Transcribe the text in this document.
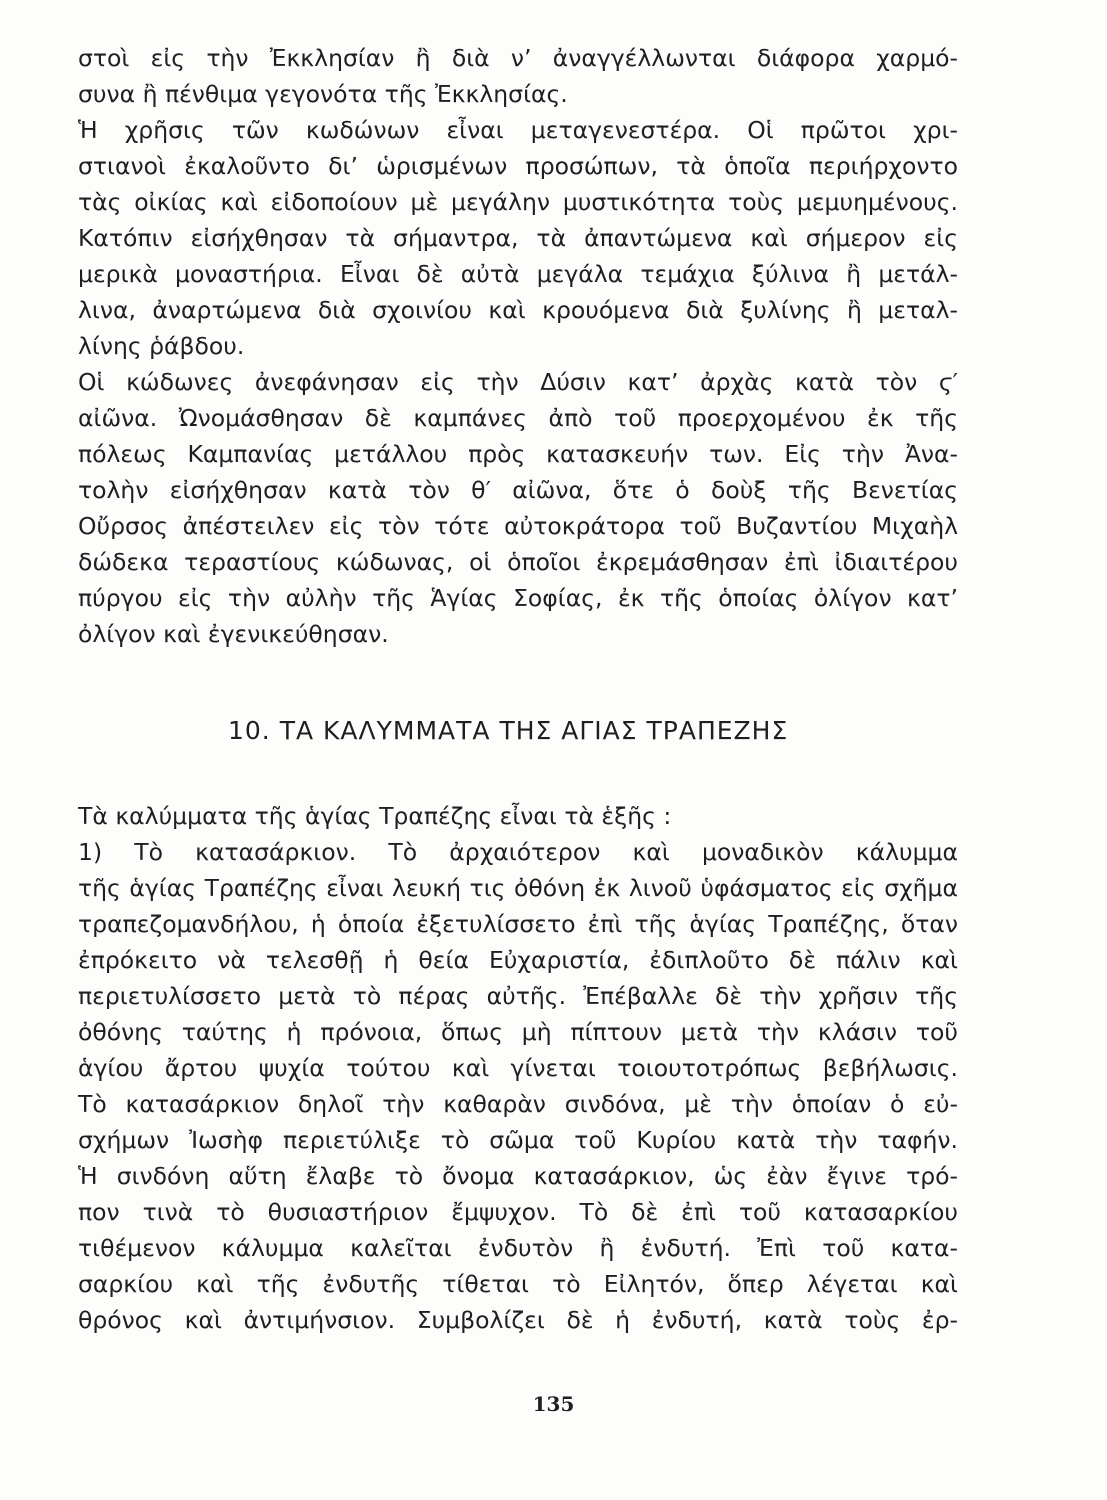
στοὶ εἰς τὴν Ἐκκλησίαν ἢ διὰ ν’ ἀναγγέλλωνται διάφορα χαρμό-
συνα ἢ πένθιμα γεγονότα τῆς Ἐκκλησίας.
Ἡ χρῆσις τῶν κωδώνων εἶναι μεταγενεστέρα. Οἱ πρῶτοι χρι-
στιανοὶ ἐκαλοῦντο δι’ ὡρισμένων προσώπων, τὰ ὁποῖα περιήρχοντο
τὰς οἰκίας καὶ εἰδοποίουν μὲ μεγάλην μυστικότητα τοὺς μεμυημένους.
Κατόπιν εἰσήχθησαν τὰ σήμαντρα, τὰ ἀπαντώμενα καὶ σήμερον εἰς
μερικὰ μοναστήρια. Εἶναι δὲ αὐτὰ μεγάλα τεμάχια ξύλινα ἢ μετάλ-
λινα, ἀναρτώμενα διὰ σχοινίου καὶ κρουόμενα διὰ ξυλίνης ἢ μεταλ-
λίνης ῥάβδου.
Οἱ κώδωνες ἀνεφάνησαν εἰς τὴν Δύσιν κατ’ ἀρχὰς κατὰ τὸν ϛ′
αἰῶνα. Ὠνομάσθησαν δὲ καμπάνες ἀπὸ τοῦ προερχομένου ἐκ τῆς
πόλεως Καμπανίας μετάλλου πρὸς κατασκευήν των. Εἰς τὴν Ἀνα-
τολὴν εἰσήχθησαν κατὰ τὸν θ′ αἰῶνα, ὅτε ὁ δοὺξ τῆς Βενετίας
Οὔρσος ἀπέστειλεν εἰς τὸν τότε αὐτοκράτορα τοῦ Βυζαντίου Μιχαὴλ
δώδεκα τεραστίους κώδωνας, οἱ ὁποῖοι ἐκρεμάσθησαν ἐπὶ ἰδιαιτέρου
πύργου εἰς τὴν αὐλὴν τῆς Ἁγίας Σοφίας, ἐκ τῆς ὁποίας ὀλίγον κατ’
ὀλίγον καὶ ἐγενικεύθησαν.
10. ΤΑ ΚΑΛΥΜΜΑΤΑ ΤΗΣ ΑΓΙΑΣ ΤΡΑΠΕΖΗΣ
Τὰ καλύμματα τῆς ἁγίας Τραπέζης εἶναι τὰ ἑξῆς :
1) Τὸ κατασάρκιον. Τὸ ἀρχαιότερον καὶ μοναδικὸν κάλυμμα
τῆς ἁγίας Τραπέζης εἶναι λευκή τις ὀθόνη ἐκ λινοῦ ὑφάσματος εἰς σχῆμα
τραπεζομανδήλου, ἡ ὁποία ἐξετυλίσσετο ἐπὶ τῆς ἁγίας Τραπέζης, ὅταν
ἐπρόκειτο νὰ τελεσθῇ ἡ θεία Εὐχαριστία, ἐδιπλοῦτο δὲ πάλιν καὶ
περιετυλίσσετο μετὰ τὸ πέρας αὐτῆς. Ἐπέβαλλε δὲ τὴν χρῆσιν τῆς
ὀθόνης ταύτης ἡ πρόνοια, ὅπως μὴ πίπτουν μετὰ τὴν κλάσιν τοῦ
ἁγίου ἄρτου ψυχία τούτου καὶ γίνεται τοιουτοτρόπως βεβήλωσις.
Τὸ κατασάρκιον δηλοῖ τὴν καθαρὰν σινδόνα, μὲ τὴν ὁποίαν ὁ εὐ-
σχήμων Ἰωσὴφ περιετύλιξε τὸ σῶμα τοῦ Κυρίου κατὰ τὴν ταφήν.
Ἡ σινδόνη αὕτη ἔλαβε τὸ ὄνομα κατασάρκιον, ὡς ἐὰν ἔγινε τρό-
πον τινὰ τὸ θυσιαστήριον ἔμψυχον. Τὸ δὲ ἐπὶ τοῦ κατασαρκίου
τιθέμενον κάλυμμα καλεῖται ἐνδυτὸν ἢ ἐνδυτή. Ἐπὶ τοῦ κατα-
σαρκίου καὶ τῆς ἐνδυτῆς τίθεται τὸ Εἰλητόν, ὅπερ λέγεται καὶ
θρόνος καὶ ἀντιμήνσιον. Συμβολίζει δὲ ἡ ἐνδυτή, κατὰ τοὺς ἐρ-
135
